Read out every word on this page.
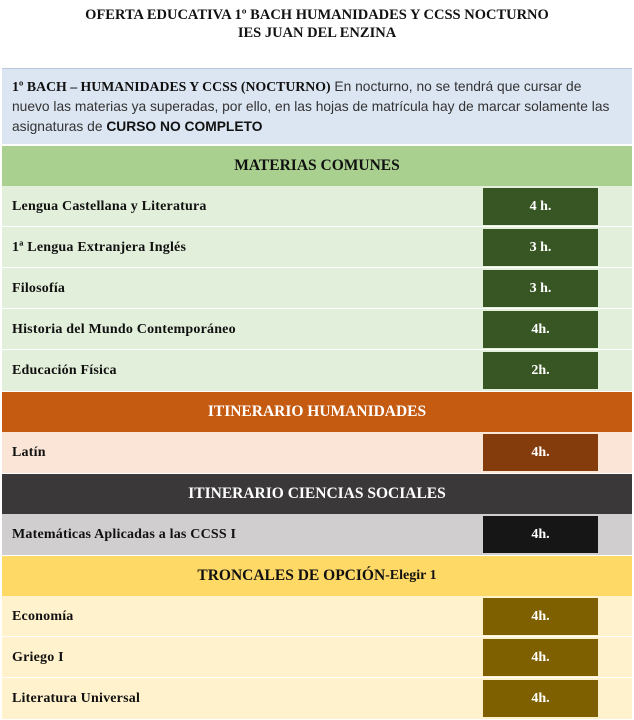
OFERTA EDUCATIVA 1º BACH HUMANIDADES Y CCSS NOCTURNO
IES JUAN DEL ENZINA
1º BACH – HUMANIDADES Y CCSS (NOCTURNO) En nocturno, no se tendrá que cursar de nuevo las materias ya superadas, por ello, en las hojas de matrícula hay de marcar solamente las asignaturas de CURSO NO COMPLETO
MATERIAS COMUNES
Lengua Castellana y Literatura	4 h.
1ª Lengua Extranjera Inglés	3 h.
Filosofía	3 h.
Historia del Mundo Contemporáneo	4h.
Educación Física	2h.
ITINERARIO HUMANIDADES
Latín	4h.
ITINERARIO CIENCIAS SOCIALES
Matemáticas Aplicadas a las CCSS I	4h.
TRONCALES DE OPCIÓN -Elegir 1
Economía	4h.
Griego I	4h.
Literatura Universal	4h.
